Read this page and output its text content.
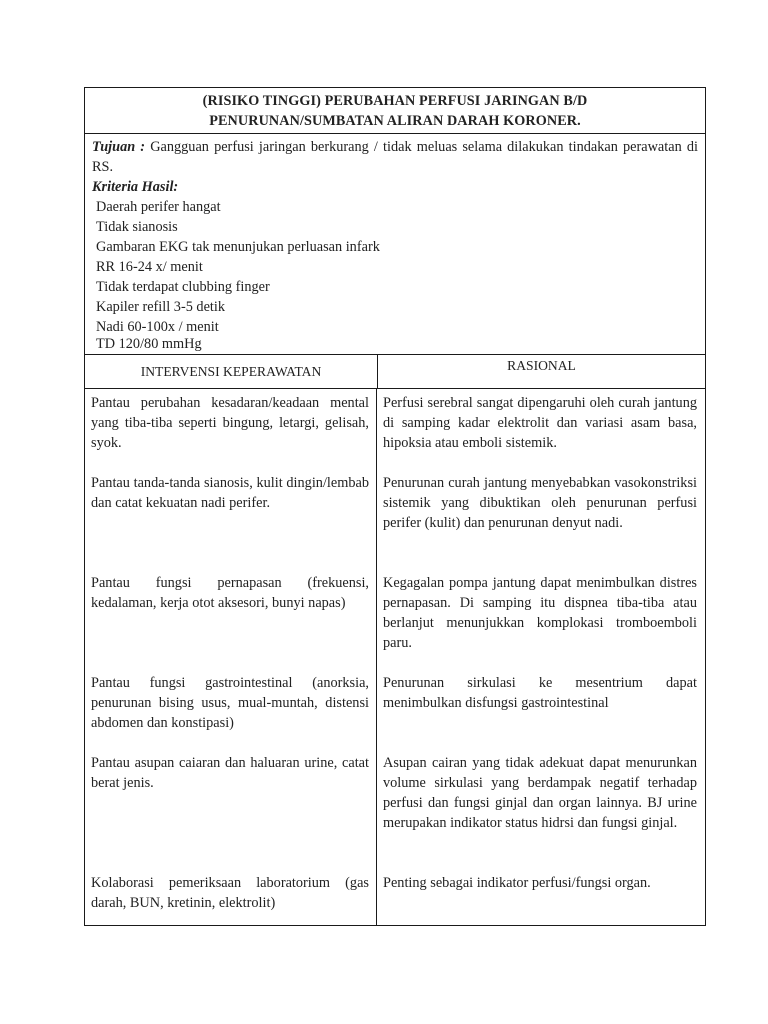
(RISIKO TINGGI) PERUBAHAN PERFUSI JARINGAN B/D
PENURUNAN/SUMBATAN ALIRAN DARAH KORONER.
Tujuan : Gangguan perfusi jaringan berkurang / tidak meluas selama dilakukan tindakan perawatan di RS.
Kriteria Hasil:
Daerah perifer hangat
Tidak sianosis
Gambaran EKG tak menunjukan perluasan infark
RR 16-24 x/ menit
Tidak terdapat clubbing finger
Kapiler refill 3-5 detik
Nadi 60-100x / menit
TD 120/80 mmHg
INTERVENSI KEPERAWATAN	RASIONAL
Pantau perubahan kesadaran/keadaan mental yang tiba-tiba seperti bingung, letargi, gelisah, syok.
Pantau tanda-tanda sianosis, kulit dingin/lembab dan catat kekuatan nadi perifer.
Pantau fungsi pernapasan (frekuensi, kedalaman, kerja otot aksesori, bunyi napas)
Pantau fungsi gastrointestinal (anorksia, penurunan bising usus, mual-muntah, distensi abdomen dan konstipasi)
Pantau asupan caiaran dan haluaran urine, catat berat jenis.
Kolaborasi pemeriksaan laboratorium (gas darah, BUN, kretinin, elektrolit)
Perfusi serebral sangat dipengaruhi oleh curah jantung di samping kadar elektrolit dan variasi asam basa, hipoksia atau emboli sistemik.
Penurunan curah jantung menyebabkan vasokonstriksi sistemik yang dibuktikan oleh penurunan perfusi perifer (kulit) dan penurunan denyut nadi.
Kegagalan pompa jantung dapat menimbulkan distres pernapasan. Di samping itu dispnea tiba-tiba atau berlanjut menunjukkan komplokasi tromboemboli paru.
Penurunan sirkulasi ke mesentrium dapat menimbulkan disfungsi gastrointestinal
Asupan cairan yang tidak adekuat dapat menurunkan volume sirkulasi yang berdampak negatif terhadap perfusi dan fungsi ginjal dan organ lainnya. BJ urine merupakan indikator status hidrsi dan fungsi ginjal.
Penting sebagai indikator perfusi/fungsi organ.
